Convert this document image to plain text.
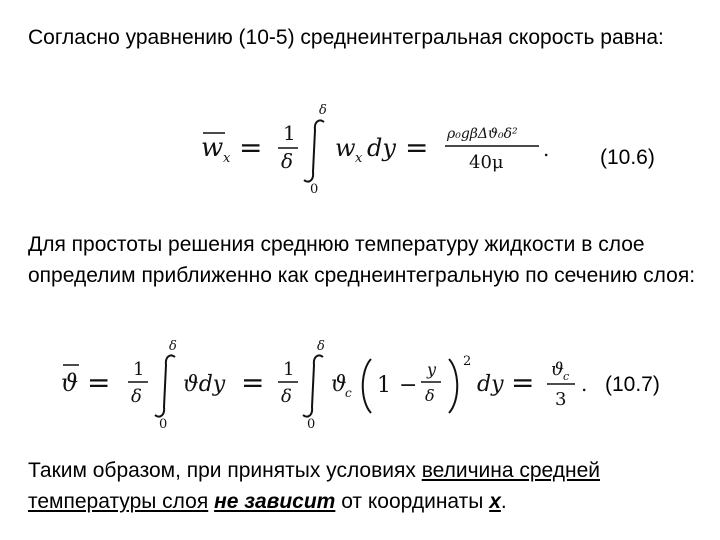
Согласно уравнению (10-5) среднеинтегральная скорость равна:
w x = 1
δ
δ
0
w x dy = ρ₀gβΔϑ₀δ²
40μ
. (10.6)
Для простоты решения среднюю температуру жидкости в слое определим приближенно как среднеинтегральную по сечению слоя:
ϑ = 1
δ
δ
0
ϑdy = 1
δ
δ
0
ϑ
c 1 −
y
δ
2
dy = ϑ c
3
. (10.7)
Таким образом, при принятых условиях величина средней температуры слоя не зависит от координаты x.
